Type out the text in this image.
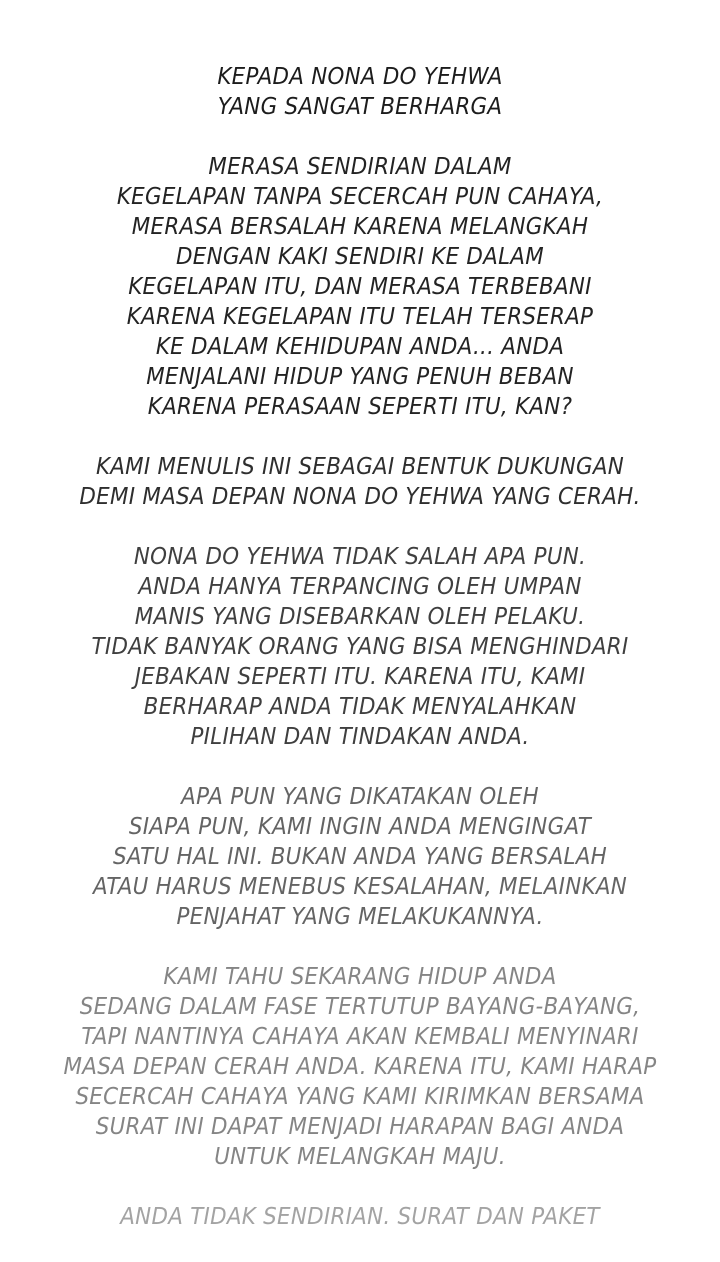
KEPADA NONA DO YEHWA
YANG SANGAT BERHARGA
MERASA SENDIRIAN DALAM
KEGELAPAN TANPA SECERCAH PUN CAHAYA,
MERASA BERSALAH KARENA MELANGKAH
DENGAN KAKI SENDIRI KE DALAM
KEGELAPAN ITU, DAN MERASA TERBEBANI
KARENA KEGELAPAN ITU TELAH TERSERAP
KE DALAM KEHIDUPAN ANDA... ANDA
MENJALANI HIDUP YANG PENUH BEBAN
KARENA PERASAAN SEPERTI ITU, KAN?
KAMI MENULIS INI SEBAGAI BENTUK DUKUNGAN
DEMI MASA DEPAN NONA DO YEHWA YANG CERAH.
NONA DO YEHWA TIDAK SALAH APA PUN.
ANDA HANYA TERPANCING OLEH UMPAN
MANIS YANG DISEBARKAN OLEH PELAKU.
TIDAK BANYAK ORANG YANG BISA MENGHINDARI
JEBAKAN SEPERTI ITU. KARENA ITU, KAMI
BERHARAP ANDA TIDAK MENYALAHKAN
PILIHAN DAN TINDAKAN ANDA.
APA PUN YANG DIKATAKAN OLEH
SIAPA PUN, KAMI INGIN ANDA MENGINGAT
SATU HAL INI. BUKAN ANDA YANG BERSALAH
ATAU HARUS MENEBUS KESALAHAN, MELAINKAN
PENJAHAT YANG MELAKUKANNYA.
KAMI TAHU SEKARANG HIDUP ANDA
SEDANG DALAM FASE TERTUTUP BAYANG-BAYANG,
TAPI NANTINYA CAHAYA AKAN KEMBALI MENYINARI
MASA DEPAN CERAH ANDA. KARENA ITU, KAMI HARAP
SECERCAH CAHAYA YANG KAMI KIRIMKAN BERSAMA
SURAT INI DAPAT MENJADI HARAPAN BAGI ANDA
UNTUK MELANGKAH MAJU.
ANDA TIDAK SENDIRIAN. SURAT DAN PAKET
